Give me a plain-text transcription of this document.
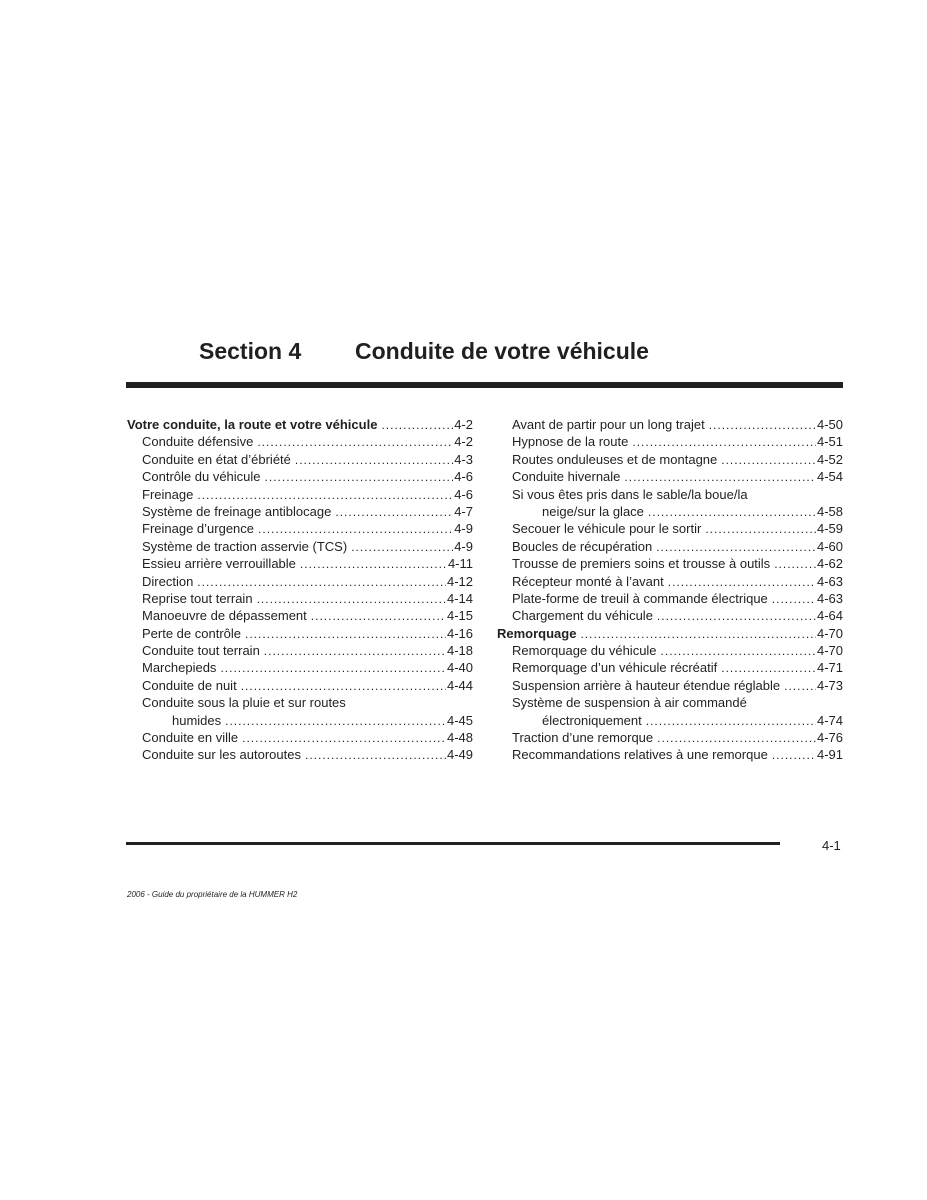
Section 4 Conduite de votre véhicule
Votre conduite, la route et votre véhicule .....	4-2
Conduite défensive .....	4-2
Conduite en état d’ébriété .....	4-3
Contrôle du véhicule .....	4-6
Freinage .....	4-6
Système de freinage antiblocage .....	4-7
Freinage d’urgence .....	4-9
Système de traction asservie (TCS) .....	4-9
Essieu arrière verrouillable .....	4-11
Direction .....	4-12
Reprise tout terrain .....	4-14
Manoeuvre de dépassement .....	4-15
Perte de contrôle .....	4-16
Conduite tout terrain .....	4-18
Marchepieds .....	4-40
Conduite de nuit .....	4-44
Conduite sous la pluie et sur routes
humides .....	4-45
Conduite en ville .....	4-48
Conduite sur les autoroutes .....	4-49
Avant de partir pour un long trajet .....	4-50
Hypnose de la route .....	4-51
Routes onduleuses et de montagne .....	4-52
Conduite hivernale .....	4-54
Si vous êtes pris dans le sable/la boue/la
neige/sur la glace .....	4-58
Secouer le véhicule pour le sortir .....	4-59
Boucles de récupération .....	4-60
Trousse de premiers soins et trousse à outils .....	4-62
Récepteur monté à l’avant .....	4-63
Plate-forme de treuil à commande électrique .....	4-63
Chargement du véhicule .....	4-64
Remorquage .....	4-70
Remorquage du véhicule .....	4-70
Remorquage d’un véhicule récréatif .....	4-71
Suspension arrière à hauteur étendue réglable .....	4-73
Système de suspension à air commandé
électroniquement .....	4-74
Traction d’une remorque .....	4-76
Recommandations relatives à une remorque .....	4-91
4-1
2006 - Guide du propriétaire de la HUMMER H2
